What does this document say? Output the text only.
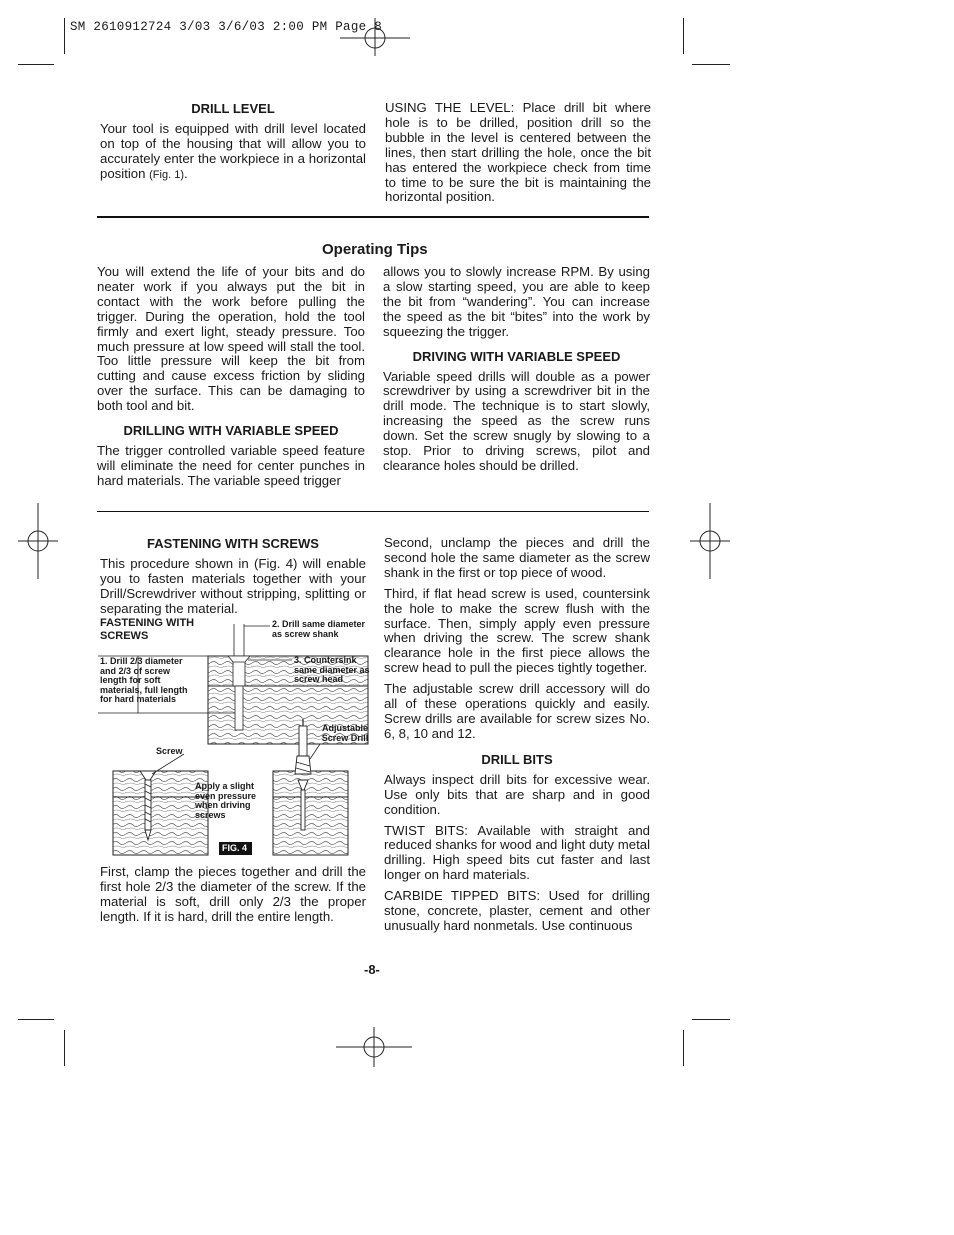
SM 2610912724 3/03 3/6/03 2:00 PM Page 8

DRILL LEVEL

Your tool is equipped with drill level located on top of the housing that will allow you to accurately enter the workpiece in a horizontal position (Fig. 1).

USING THE LEVEL: Place drill bit where hole is to be drilled, position drill so the bubble in the level is centered between the lines, then start drilling the hole, once the bit has entered the workpiece check from time to time to be sure the bit is maintaining the horizontal position.

Operating Tips

You will extend the life of your bits and do neater work if you always put the bit in contact with the work before pulling the trigger. During the operation, hold the tool firmly and exert light, steady pressure. Too much pressure at low speed will stall the tool. Too little pressure will keep the bit from cutting and cause excess friction by sliding over the surface. This can be damaging to both tool and bit.

DRILLING WITH VARIABLE SPEED

The trigger controlled variable speed feature will eliminate the need for center punches in hard materials. The variable speed trigger

allows you to slowly increase RPM. By using a slow starting speed, you are able to keep the bit from “wandering”. You can increase the speed as the bit “bites” into the work by squeezing the trigger.

DRIVING WITH VARIABLE SPEED

Variable speed drills will double as a power screwdriver by using a screwdriver bit in the drill mode. The technique is to start slowly, increasing the speed as the screw runs down. Set the screw snugly by slowing to a stop. Prior to driving screws, pilot and clearance holes should be drilled.

FASTENING WITH SCREWS

This procedure shown in (Fig. 4) will enable you to fasten materials together with your Drill/Screwdriver without stripping, splitting or separating the material.

FASTENING WITH SCREWS
1. Drill 2/3 diameter and 2/3 of screw length for soft materials, full length for hard materials
2. Drill same diameter as screw shank
3. Countersink same diameter as screw head
Screw
Adjustable Screw Drill
Apply a slight even pressure when driving screws
FIG. 4

First, clamp the pieces together and drill the first hole 2/3 the diameter of the screw. If the material is soft, drill only 2/3 the proper length. If it is hard, drill the entire length.

Second, unclamp the pieces and drill the second hole the same diameter as the screw shank in the first or top piece of wood.

Third, if flat head screw is used, countersink the hole to make the screw flush with the surface. Then, simply apply even pressure when driving the screw. The screw shank clearance hole in the first piece allows the screw head to pull the pieces tightly together.

The adjustable screw drill accessory will do all of these operations quickly and easily. Screw drills are available for screw sizes No. 6, 8, 10 and 12.

DRILL BITS

Always inspect drill bits for excessive wear. Use only bits that are sharp and in good condition.

TWIST BITS: Available with straight and reduced shanks for wood and light duty metal drilling. High speed bits cut faster and last longer on hard materials.

CARBIDE TIPPED BITS: Used for drilling stone, concrete, plaster, cement and other unusually hard nonmetals. Use continuous

-8-
